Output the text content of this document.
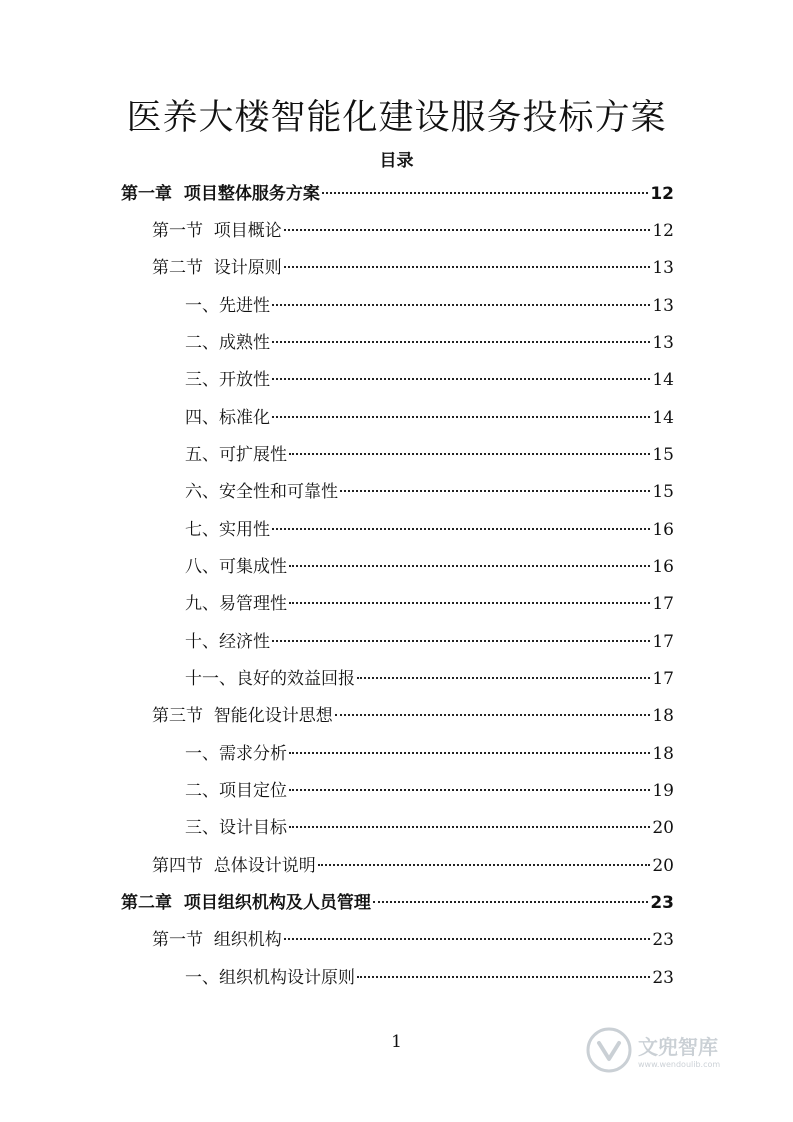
医养大楼智能化建设服务投标方案
目录
第一章  项目整体服务方案	12
第一节  项目概论	12
第二节  设计原则	13
一、先进性	13
二、成熟性	13
三、开放性	14
四、标准化	14
五、可扩展性	15
六、安全性和可靠性	15
七、实用性	16
八、可集成性	16
九、易管理性	17
十、经济性	17
十一、良好的效益回报	17
第三节  智能化设计思想	18
一、需求分析	18
二、项目定位	19
三、设计目标	20
第四节  总体设计说明	20
第二章  项目组织机构及人员管理	23
第一节  组织机构	23
一、组织机构设计原则	23
1	文兜智库
www.wendoulib.com
